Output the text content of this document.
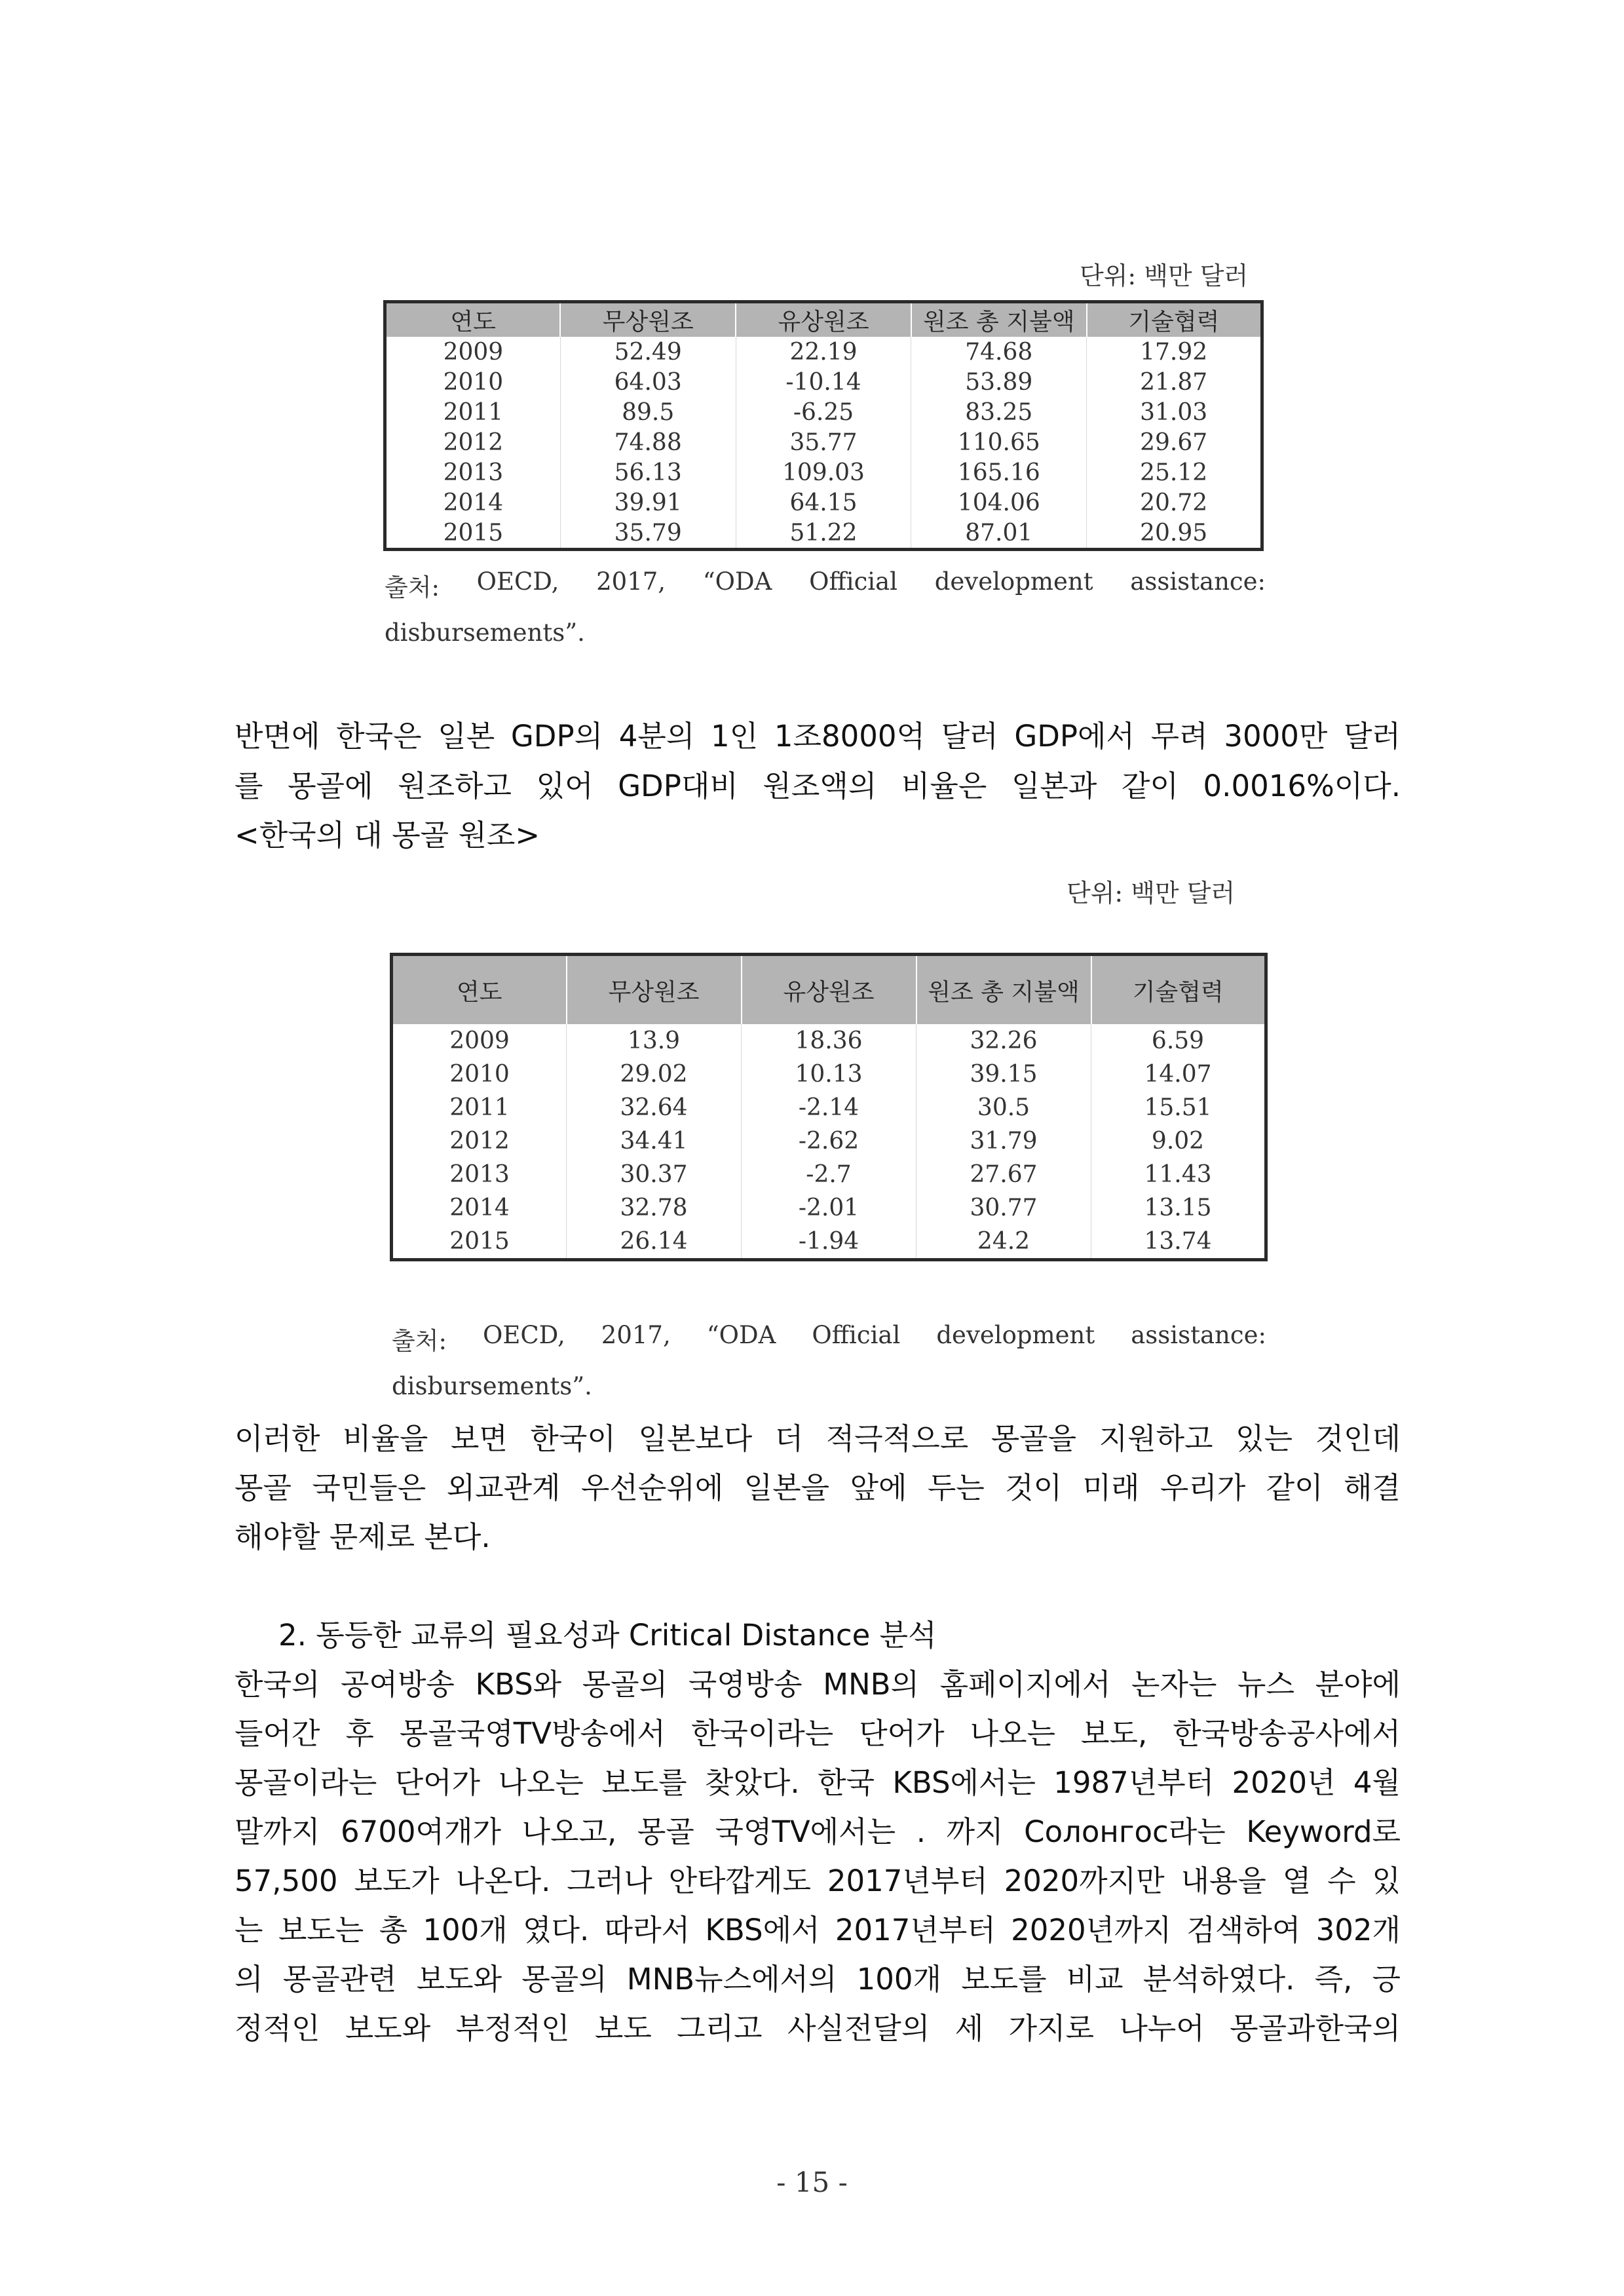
단위: 백만 달러
연도	무상원조	유상원조	원조 총 지불액	기술협력
2009	52.49	22.19	74.68	17.92
2010	64.03	-10.14	53.89	21.87
2011	89.5	-6.25	83.25	31.03
2012	74.88	35.77	110.65	29.67
2013	56.13	109.03	165.16	25.12
2014	39.91	64.15	104.06	20.72
2015	35.79	51.22	87.01	20.95
출처: OECD, 2017, “ODA Official development assistance:
disbursements”.
반면에 한국은 일본 GDP의 4분의 1인 1조8000억 달러 GDP에서 무려 3000만 달러
를 몽골에 원조하고 있어 GDP대비 원조액의 비율은 일본과 같이 0.0016%이다.
<한국의 대 몽골 원조>
단위: 백만 달러
연도	무상원조	유상원조	원조 총 지불액	기술협력
2009	13.9	18.36	32.26	6.59
2010	29.02	10.13	39.15	14.07
2011	32.64	-2.14	30.5	15.51
2012	34.41	-2.62	31.79	9.02
2013	30.37	-2.7	27.67	11.43
2014	32.78	-2.01	30.77	13.15
2015	26.14	-1.94	24.2	13.74
출처: OECD, 2017, “ODA Official development assistance:
disbursements”.
이러한 비율을 보면 한국이 일본보다 더 적극적으로 몽골을 지원하고 있는 것인데
몽골 국민들은 외교관계 우선순위에 일본을 앞에 두는 것이 미래 우리가 같이 해결
해야할 문제로 본다.
2. 동등한 교류의 필요성과 Critical Distance 분석
한국의 공여방송 KBS와 몽골의 국영방송 MNB의 홈페이지에서 논자는 뉴스 분야에
들어간 후 몽골국영TV방송에서 한국이라는 단어가 나오는 보도, 한국방송공사에서
몽골이라는 단어가 나오는 보도를 찾았다. 한국 KBS에서는 1987년부터 2020년 4월
말까지 6700여개가 나오고, 몽골 국영TV에서는 . 까지 Солонгос라는 Keyword로
57,500 보도가 나온다. 그러나 안타깝게도 2017년부터 2020까지만 내용을 열 수 있
는 보도는 총 100개 였다. 따라서 KBS에서 2017년부터 2020년까지 검색하여 302개
의 몽골관련 보도와 몽골의 MNB뉴스에서의 100개 보도를 비교 분석하였다. 즉, 긍
정적인 보도와 부정적인 보도 그리고 사실전달의 세 가지로 나누어 몽골과한국의
- 15 -
